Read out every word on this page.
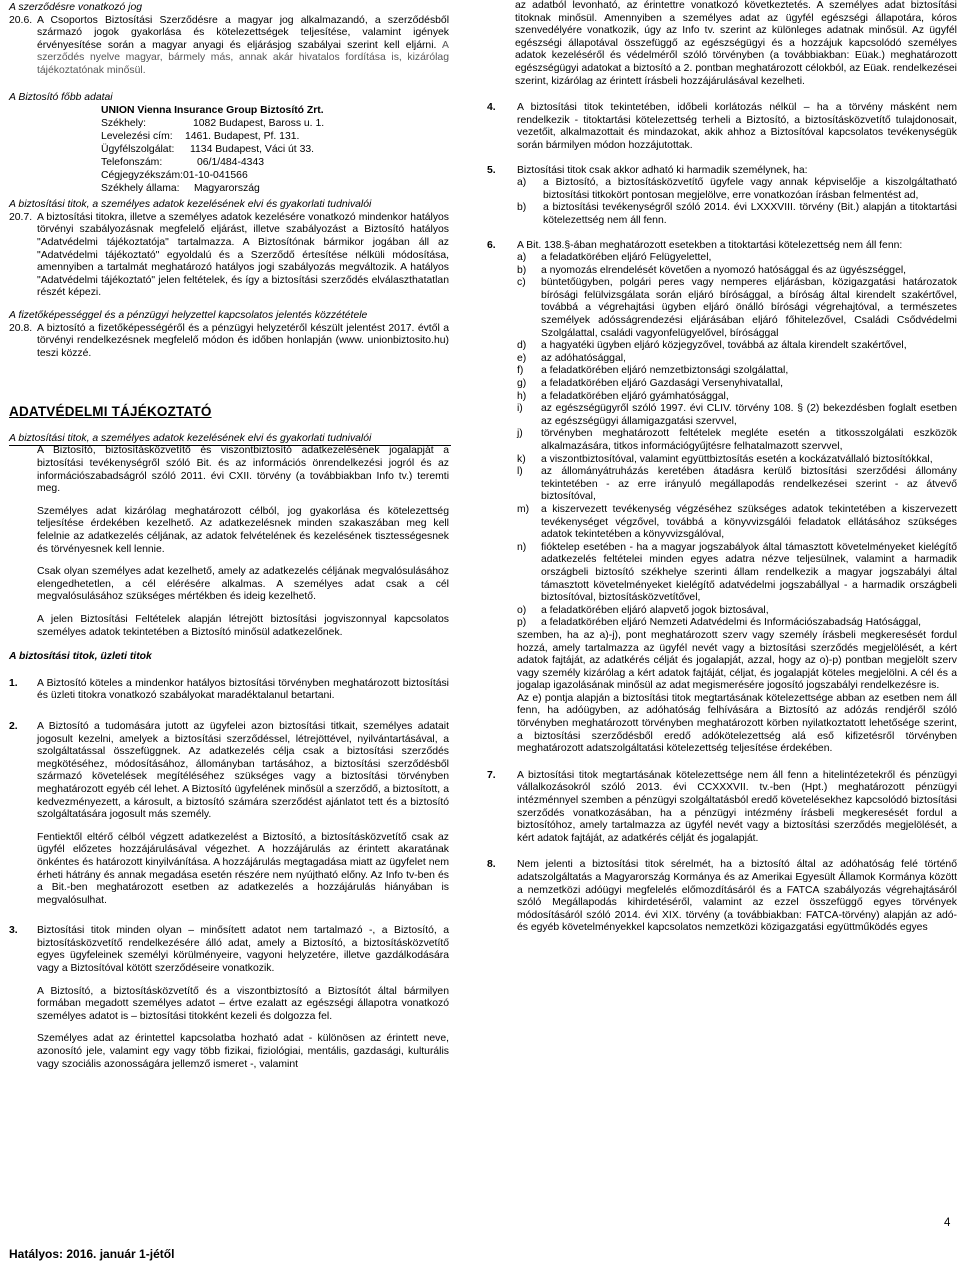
A szerződésre vonatkozó jog

20.6. A Csoportos Biztosítási Szerződésre a magyar jog alkalmazandó, a szerződésből származó jogok gyakorlása és kötelezettségek teljesítése, valamint igények érvényesítése során a magyar anyagi és eljárásjog szabályai szerint kell eljárni. A szerződés nyelve magyar, bármely más, annak akár hivatalos fordítása is, kizárólag tájékoztatónak minősül.

A Biztosító főbb adatai

UNION Vienna Insurance Group Biztosító Zrt.
Székhely:	1082 Budapest, Baross u. 1.
Levelezési cím:	1461. Budapest, Pf. 131.
Ügyfélszolgálat:	1134 Budapest, Váci út 33.
Telefonszám:	06/1/484-4343
Cégjegyzékszám: 01-10-041566
Székhely állama:	Magyarország

A biztosítási titok, a személyes adatok kezelésének elvi és gyakorlati tudnivalói

20.7. A biztosítási titokra, illetve a személyes adatok kezelésére vonatkozó mindenkor hatályos törvényi szabályozásnak megfelelő eljárást, illetve szabályozást a Biztosító hatályos "Adatvédelmi tájékoztatója" tartalmazza. A Biztosítónak bármikor jogában áll az "Adatvédelmi tájékoztató" egyoldalú és a Szerződő értesítése nélküli módosítása, amennyiben a tartalmát meghatározó hatályos jogi szabályozás megváltozik. A hatályos "Adatvédelmi tájékoztató" jelen feltételek, és így a biztosítási szerződés elválaszthatatlan részét képezi.

A fizetőképességgel és a pénzügyi helyzettel kapcsolatos jelentés közzététele

20.8. A biztosító a fizetőképességéről és a pénzügyi helyzetéről készült jelentést 2017. évtől a törvényi rendelkezésnek megfelelő módon és időben honlapján (www. unionbiztosito.hu) teszi közzé.
ADATVÉDELMI TÁJÉKOZTATÓ

A biztosítási titok, a személyes adatok kezelésének elvi és gyakorlati tudnivalói

A Biztosító, biztosításközvetítő és viszontbiztosító adatkezelésének jogalapját a biztosítási tevékenységről szóló Bit. és az információs önrendelkezési jogról és az információszabadságról szóló 2011. évi CXII. törvény (a továbbiakban Info tv.) teremti meg.

Személyes adat kizárólag meghatározott célból, jog gyakorlása és kötelezettség teljesítése érdekében kezelhető. Az adatkezelésnek minden szakaszában meg kell felelnie az adatkezelés céljának, az adatok felvételének és kezelésének tisztességesnek és törvényesnek kell lennie.

Csak olyan személyes adat kezelhető, amely az adatkezelés céljának megvalósulásához elengedhetetlen, a cél elérésére alkalmas. A személyes adat csak a cél megvalósulásához szükséges mértékben és ideig kezelhető.

A jelen Biztosítási Feltételek alapján létrejött biztosítási jogviszonnyal kapcsolatos személyes adatok tekintetében a Biztosító minősül adatkezelőnek.

A biztosítási titok, üzleti titok

1.	A Biztosító köteles a mindenkor hatályos biztosítási törvényben meghatározott biztosítási és üzleti titokra vonatkozó szabályokat maradéktalanul betartani.
2.	A Biztosító a tudomására jutott az ügyfelei azon biztosítási titkait, személyes adatait jogosult kezelni, amelyek a biztosítási szerződéssel, létrejöttével, nyilvántartásával, a szolgáltatással összefüggnek. Az adatkezelés célja csak a biztosítási szerződés megkötéséhez, módosításához, állományban tartásához, a biztosítási szerződésből származó követelések megítéléséhez szükséges vagy a biztosítási törvényben meghatározott egyéb cél lehet. A Biztosító ügyfelének minősül a szerződő, a biztosított, a kedvezményezett, a károsult, a biztosító számára szerződést ajánlatot tett és a biztosító szolgáltatására jogosult más személy.
Fentiektől eltérő célból végzett adatkezelést a Biztosító, a biztosításközvetítő csak az ügyfél előzetes hozzájárulásával végezhet. A hozzájárulás az érintett akaratának önkéntes és határozott kinyilvánítása. A hozzájárulás megtagadása miatt az ügyfelet nem érheti hátrány és annak megadása esetén részére nem nyújtható előny. Az Info tv-ben és a Bit.-ben meghatározott esetben az adatkezelés a hozzájárulás hiányában is megvalósulhat.
3.	Biztosítási titok minden olyan – minősített adatot nem tartalmazó -, a Biztosító, a biztosításközvetítő rendelkezésére álló adat, amely a Biztosító, a biztosításközvetítő egyes ügyfeleinek személyi körülményeire, vagyoni helyzetére, illetve gazdálkodására vagy a Biztosítóval kötött szerződéseire vonatkozik.
A Biztosító, a biztosításközvetítő és a viszontbiztosító a Biztosítót által bármilyen formában megadott személyes adatot – értve ezalatt az egészségi állapotra vonatkozó személyes adatot is – biztosítási titokként kezeli és dolgozza fel.
Személyes adat az érintettel kapcsolatba hozható adat - különösen az érintett neve, azonosító jele, valamint egy vagy több fizikai, fiziológiai, mentális, gazdasági, kulturális vagy szociális azonosságára jellemző ismeret -, valamint

az adatból levonható, az érintettre vonatkozó következtetés. A személyes adat biztosítási titoknak minősül. Amennyiben a személyes adat az ügyfél egészségi állapotára, kóros szenvedélyére vonatkozik, úgy az Info tv. szerint az különleges adatnak minősül. Az ügyfél egészségi állapotával összefüggő az egészségügyi és a hozzájuk kapcsolódó személyes adatok kezeléséről és védelméről szóló törvényben (a továbbiakban: Eüak.) meghatározott egészségügyi adatokat a biztosító a 2. pontban meghatározott célokból, az Eüak. rendelkezései szerint, kizárólag az érintett írásbeli hozzájárulásával kezelheti.

4.	A biztosítási titok tekintetében, időbeli korlátozás nélkül – ha a törvény másként nem rendelkezik - titoktartási kötelezettség terheli a Biztosító, a biztosításközvetítő tulajdonosait, vezetőit, alkalmazottait és mindazokat, akik ahhoz a Biztosítóval kapcsolatos tevékenységük során bármilyen módon hozzájutottak.
5.	Biztosítási titok csak akkor adható ki harmadik személynek, ha:
a)	a Biztosító, a biztosításközvetítő ügyfele vagy annak képviselője a kiszolgáltatható biztosítási titkokört pontosan megjelölve, erre vonatkozóan írásban felmentést ad,
b)	a biztosítási tevékenységről szóló 2014. évi LXXXVIII. törvény (Bit.) alapján a titoktartási kötelezettség nem áll fenn.
6.	A Bit. 138.§-ában meghatározott esetekben a titoktartási kötelezettség nem áll fenn:
a)	a feladatkörében eljáró Felügyelettel,
b)	a nyomozás elrendelését követően a nyomozó hatósággal és az ügyészséggel,
c)	büntetőügyben, polgári peres vagy nemperes eljárásban, közigazgatási határozatok bírósági felülvizsgálata során eljáró bírósággal, a bíróság által kirendelt szakértővel, továbbá a végrehajtási ügyben eljáró önálló bírósági végrehajtóval, a természetes személyek adósságrendezési eljárásában eljáró főhitelezővel, Családi Csődvédelmi Szolgálattal, családi vagyonfelügyelővel, bírósággal
d)	a hagyatéki ügyben eljáró közjegyzővel, továbbá az általa kirendelt szakértővel,
e)	az adóhatósággal,
f)	a feladatkörében eljáró nemzetbiztonsági szolgálattal,
g)	a feladatkörében eljáró Gazdasági Versenyhivatallal,
h)	a feladatkörében eljáró gyámhatósággal,
i)	az egészségügyről szóló 1997. évi CLIV. törvény 108. § (2) bekezdésben foglalt esetben az egészségügyi államigazgatási szervvel,
j)	törvényben meghatározott feltételek megléte esetén a titkosszolgálati eszközök alkalmazására, titkos információgyűjtésre felhatalmazott szervvel,
k)	a viszontbiztosítóval, valamint együttbiztosítás esetén a kockázatvállaló biztosítókkal,
l)	az állományátruházás keretében átadásra kerülő biztosítási szerződési állomány tekintetében - az erre irányuló megállapodás rendelkezései szerint - az átvevő biztosítóval,
m)	a kiszervezett tevékenység végzéséhez szükséges adatok tekintetében a kiszervezett tevékenységet végzővel, továbbá a könyvvizsgálói feladatok ellátásához szükséges adatok tekintetében a könyvvizsgálóval,
n)	fióktelep esetében - ha a magyar jogszabályok által támasztott követelményeket kielégítő adatkezelés feltételei minden egyes adatra nézve teljesülnek, valamint a harmadik országbeli biztosító székhelye szerinti állam rendelkezik a magyar jogszabályi által támasztott követelményeket kielégítő adatvédelmi jogszabállyal - a harmadik országbeli biztosítóval, biztosításközvetítővel,
o)	a feladatkörében eljáró alapvető jogok biztosával,
p)	a feladatkörében eljáró Nemzeti Adatvédelmi és Információszabadság Hatósággal,

szemben, ha az a)-j), pont meghatározott szerv vagy személy írásbeli megkeresését fordul hozzá, amely tartalmazza az ügyfél nevét vagy a biztosítási szerződés megjelölését, a kért adatok fajtáját, az adatkérés célját és jogalapját, azzal, hogy az o)-p) pontban megjelölt szerv vagy személy kizárólag a kért adatok fajtáját, céljat, és jogalapját köteles megjelölni. A cél és a jogalap igazolásának minősül az adat megismerésére jogosító jogszabályi rendelkezésre is.

Az e) pontja alapján a biztosítási titok megtartásának kötelezettsége abban az esetben nem áll fenn, ha adóügyben, az adóhatóság felhívására a Biztosító az adózás rendjéről szóló törvényben meghatározott törvényben meghatározott körben nyilatkoztatott lehetősége szerint, a biztosítási szerződésből eredő adókötelezettség alá eső kifizetésről törvényben meghatározott adatszolgáltatási kötelezettség teljesítése érdekében.

7.	A biztosítási titok megtartásának kötelezettsége nem áll fenn a hitelintézetekről és pénzügyi vállalkozásokról szóló 2013. évi CCXXXVII. tv.-ben (Hpt.) meghatározott pénzügyi intézménnyel szemben a pénzügyi szolgáltatásból eredő követelésekhez kapcsolódó biztosítási szerződés vonatkozásában, ha a pénzügyi intézmény írásbeli megkeresését fordul a biztosítóhoz, amely tartalmazza az ügyfél nevét vagy a biztosítási szerződés megjelölését, a kért adatok fajtáját, az adatkérés célját és jogalapját.
8.	Nem jelenti a biztosítási titok sérelmét, ha a biztosító által az adóhatóság felé történő adatszolgáltatás a Magyarország Kormánya és az Amerikai Egyesült Államok Kormánya között a nemzetközi adóügyi megfelelés előmozdításáról és a FATCA szabályozás végrehajtásáról szóló Megállapodás kihirdetéséről, valamint az ezzel összefüggő egyes törvények módosításáról szóló 2014. évi XIX. törvény (a továbbiakban: FATCA-törvény) alapján az adó- és egyéb követelményekkel kapcsolatos nemzetközi közigazgatási együttműködés egyes
Hatályos: 2016. január 1-jétől
4
